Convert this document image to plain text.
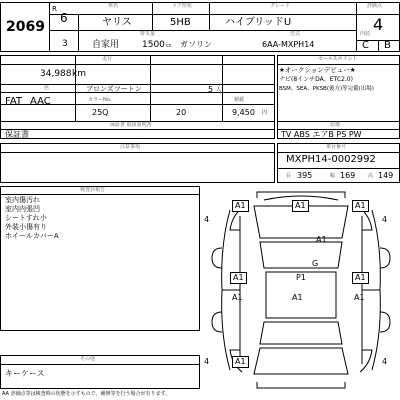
2069
R
6
3
車名
ヤリス
ドア形状
5HB
グレード
ハイブリッドU
評価点
4
自家用
排気量
1500 cc ガソリン
型式
6AA-MXPH14
内装
C B
走行
34,988 km
色	ブロンズツートン	5 人
FAT AAC	カラーNo.	積載
25Q	20	9,450 円
保証書 取扱説明書
保証書
セールスポイント
★オークションデビュー★
ナビ(8インチDA、ETC2.0)
BSM、SEA、PKSB(後方)等完備(出場)
装備
TV ABS エアB PS PW
注意事項	車台番号
MXPH14-0002992
長 395	幅 169	高 149
検査員報告
室内傷汚れ
室内内張凹
シートすれ小
外装小傷有り
ホイールカバーA
その他
キーケース
AA 評価点等は検査時の状態を示すもので、補修等を行う場合が有ります。
A1	A1	A1
A1
G
A1	A1
P1
A1	A1
A1
A1
4	4
4	4
